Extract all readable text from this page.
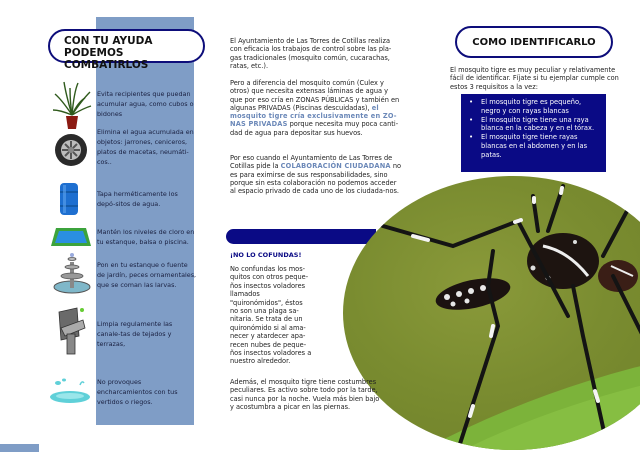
CON TU AYUDA
PODEMOS COMBATIRLOS
Evita recipientes que puedan acumular agua, como cubos o bidones
Elimina el agua acumulada en objetos: jarrones, ceniceros, platos de macetas, neumáti-cos..
Tapa herméticamente los depó-sitos de agua.
Mantén los niveles de cloro en tu estanque, balsa o piscina.
Pon en tu estanque o fuente de jardín, peces ornamentales, que se coman las larvas.
Limpia regulamente las canale-tas de tejados y terrazas,
No provoques encharcamientos con tus vertidos o riegos.

El Ayuntamiento de Las Torres de Cotillas realiza con eficacia los trabajos de control sobre las pla-gas tradicionales (mosquito común, cucarachas, ratas, etc.).

Pero a diferencia del mosquito común (Culex y otros) que necesita extensas láminas de agua y que por eso cría en ZONAS PÚBLICAS y también en algunas PRIVADAS (Piscinas descuidadas), el mosquito tigre cría exclusivamente en ZO-NAS PRIVADAS porque necesita muy poca canti-dad de agua para depositar sus huevos.

Por eso cuando el Ayuntamiento de Las Torres de Cotillas pide la COLABORACIÓN CIUDADANA no es para eximirse de sus responsabilidades, sino porque sin esta colaboración no podemos acceder al espacio privado de cada uno de los ciudada-nos.

¡NO LO COFUNDAS!

No confundas los mos-quitos con otros peque-ños insectos voladores llamados "quironómidos", éstos no son una plaga sa-nitaria. Se trata de un quironómido si al ama-necer y atardecer apa-recen nubes de peque-ños insectos voladores a nuestro alrededor.

Además, el mosquito tigre tiene costumbres peculiares. Es activo sobre todo por la tarde, casi nunca por la noche. Vuela más bien bajo y acostumbra a picar en las piernas.

COMO IDENTIFICARLO

El mosquito tigre es muy peculiar y relativamente fácil de identificar. Fíjate si tu ejemplar cumple con estos 3 requisitos a la vez:

• El mosquito tigre es pequeño, negro y con rayas blancas
• El mosquito tigre tiene una raya blanca en la cabeza y en el tórax.
• El mosquito tigre tiene rayas blancas en el abdomen y en las patas.
